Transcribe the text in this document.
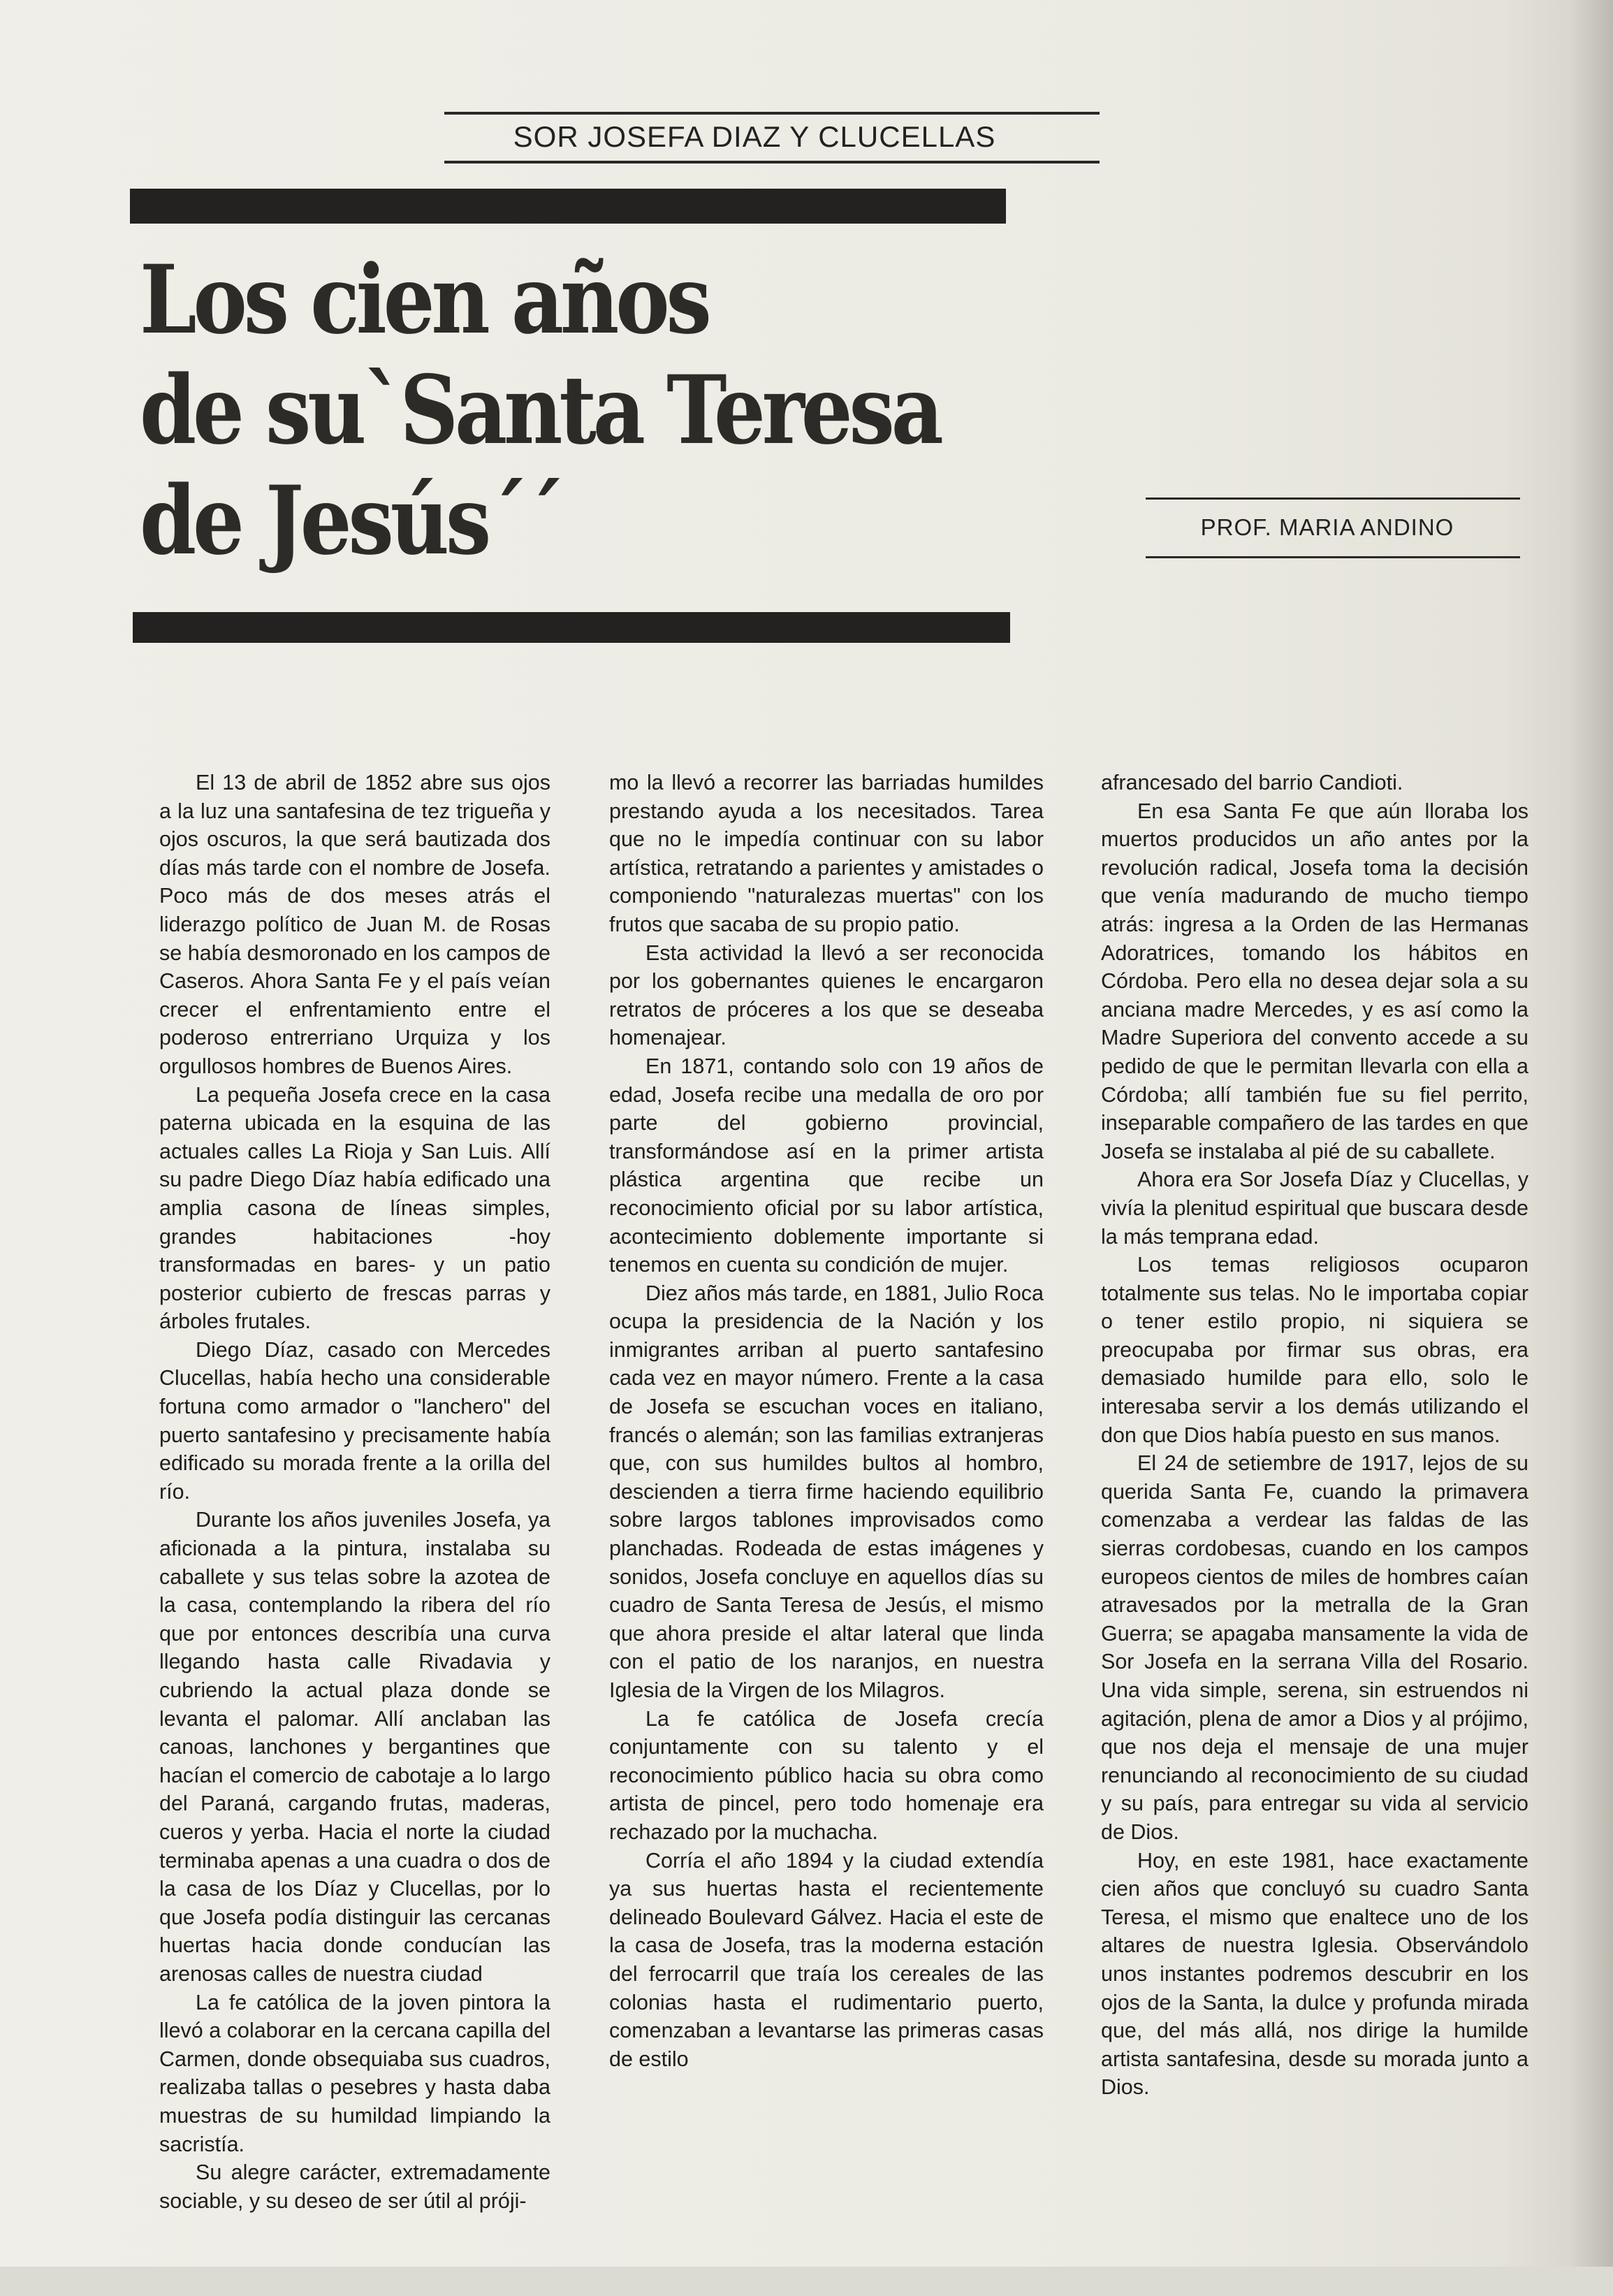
SOR JOSEFA DIAZ Y CLUCELLAS
Los cien años
de su`Santa Teresa
de Jesús´´	PROF. MARIA ANDINO

El 13 de abril de 1852 abre sus ojos a la luz una santafesina de tez trigueña y ojos oscuros, la que será bautizada dos días más tarde con el nombre de Josefa. Poco más de dos meses atrás el liderazgo político de Juan M. de Rosas se había desmoronado en los campos de Caseros. Ahora Santa Fe y el país veían crecer el enfrentamiento entre el poderoso entrerriano Urquiza y los orgullosos hombres de Buenos Aires.

La pequeña Josefa crece en la casa paterna ubicada en la esquina de las actuales calles La Rioja y San Luis. Allí su padre Diego Díaz había edificado una amplia casona de líneas simples, grandes habitaciones -hoy transformadas en bares- y un patio posterior cubierto de frescas parras y árboles frutales.

Diego Díaz, casado con Mercedes Clucellas, había hecho una considerable fortuna como armador o "lanchero" del puerto santafesino y precisamente había edificado su morada frente a la orilla del río.

Durante los años juveniles Josefa, ya aficionada a la pintura, instalaba su caballete y sus telas sobre la azotea de la casa, contemplando la ribera del río que por entonces describía una curva llegando hasta calle Rivadavia y cubriendo la actual plaza donde se levanta el palomar. Allí anclaban las canoas, lanchones y bergantines que hacían el comercio de cabotaje a lo largo del Paraná, cargando frutas, maderas, cueros y yerba. Hacia el norte la ciudad terminaba apenas a una cuadra o dos de la casa de los Díaz y Clucellas, por lo que Josefa podía distinguir las cercanas huertas hacia donde conducían las arenosas calles de nuestra ciudad

La fe católica de la joven pintora la llevó a colaborar en la cercana capilla del Carmen, donde obsequiaba sus cuadros, realizaba tallas o pesebres y hasta daba muestras de su humildad limpiando la sacristía.

Su alegre carácter, extremadamente sociable, y su deseo de ser útil al próji-

mo la llevó a recorrer las barriadas humildes prestando ayuda a los necesitados. Tarea que no le impedía continuar con su labor artística, retratando a parientes y amistades o componiendo "naturalezas muertas" con los frutos que sacaba de su propio patio.

Esta actividad la llevó a ser reconocida por los gobernantes quienes le encargaron retratos de próceres a los que se deseaba homenajear.

En 1871, contando solo con 19 años de edad, Josefa recibe una medalla de oro por parte del gobierno provincial, transformándose así en la primer artista plástica argentina que recibe un reconocimiento oficial por su labor artística, acontecimiento doblemente importante si tenemos en cuenta su condición de mujer.

Diez años más tarde, en 1881, Julio Roca ocupa la presidencia de la Nación y los inmigrantes arriban al puerto santafesino cada vez en mayor número. Frente a la casa de Josefa se escuchan voces en italiano, francés o alemán; son las familias extranjeras que, con sus humildes bultos al hombro, descienden a tierra firme haciendo equilibrio sobre largos tablones improvisados como planchadas. Rodeada de estas imágenes y sonidos, Josefa concluye en aquellos días su cuadro de Santa Teresa de Jesús, el mismo que ahora preside el altar lateral que linda con el patio de los naranjos, en nuestra Iglesia de la Virgen de los Milagros.

La fe católica de Josefa crecía conjuntamente con su talento y el reconocimiento público hacia su obra como artista de pincel, pero todo homenaje era rechazado por la muchacha.

Corría el año 1894 y la ciudad extendía ya sus huertas hasta el recientemente delineado Boulevard Gálvez. Hacia el este de la casa de Josefa, tras la moderna estación del ferrocarril que traía los cereales de las colonias hasta el rudimentario puerto, comenzaban a levantarse las primeras casas de estilo

afrancesado del barrio Candioti.

En esa Santa Fe que aún lloraba los muertos producidos un año antes por la revolución radical, Josefa toma la decisión que venía madurando de mucho tiempo atrás: ingresa a la Orden de las Hermanas Adoratrices, tomando los hábitos en Córdoba. Pero ella no desea dejar sola a su anciana madre Mercedes, y es así como la Madre Superiora del convento accede a su pedido de que le permitan llevarla con ella a Córdoba; allí también fue su fiel perrito, inseparable compañero de las tardes en que Josefa se instalaba al pié de su caballete.

Ahora era Sor Josefa Díaz y Clucellas, y vivía la plenitud espiritual que buscara desde la más temprana edad.

Los temas religiosos ocuparon totalmente sus telas. No le importaba copiar o tener estilo propio, ni siquiera se preocupaba por firmar sus obras, era demasiado humilde para ello, solo le interesaba servir a los demás utilizando el don que Dios había puesto en sus manos.

El 24 de setiembre de 1917, lejos de su querida Santa Fe, cuando la primavera comenzaba a verdear las faldas de las sierras cordobesas, cuando en los campos europeos cientos de miles de hombres caían atravesados por la metralla de la Gran Guerra; se apagaba mansamente la vida de Sor Josefa en la serrana Villa del Rosario. Una vida simple, serena, sin estruendos ni agitación, plena de amor a Dios y al prójimo, que nos deja el mensaje de una mujer renunciando al reconocimiento de su ciudad y su país, para entregar su vida al servicio de Dios.

Hoy, en este 1981, hace exactamente cien años que concluyó su cuadro Santa Teresa, el mismo que enaltece uno de los altares de nuestra Iglesia. Observándolo unos instantes podremos descubrir en los ojos de la Santa, la dulce y profunda mirada que, del más allá, nos dirige la humilde artista santafesina, desde su morada junto a Dios.
